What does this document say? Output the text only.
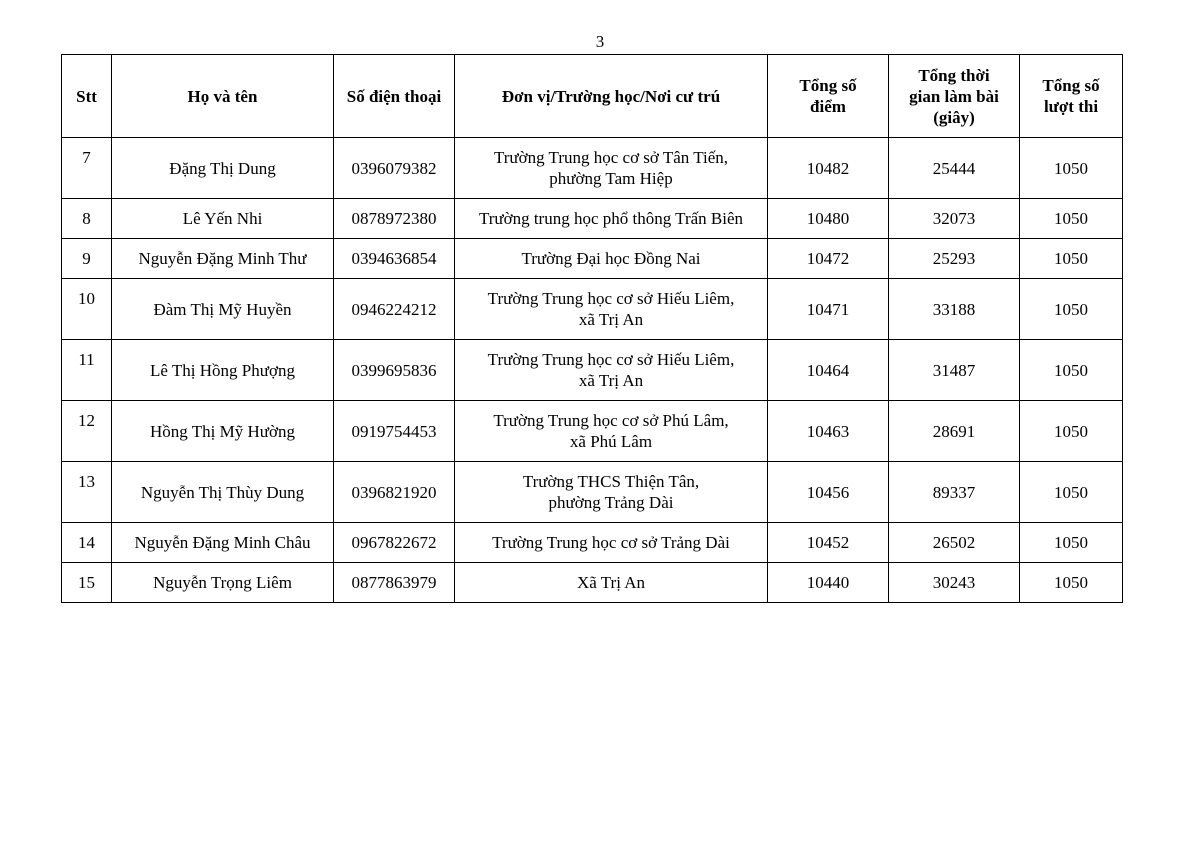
3
Stt	Họ và tên	Số điện thoại	Đơn vị/Trường học/Nơi cư trú	Tổng số
điểm	Tổng thời
gian làm bài
(giây)	Tổng số
lượt thi
7	Đặng Thị Dung	0396079382	Trường Trung học cơ sở Tân Tiến,
phường Tam Hiệp	10482	25444	1050
8	Lê Yến Nhi	0878972380	Trường trung học phổ thông Trấn Biên	10480	32073	1050
9	Nguyễn Đặng Minh Thư	0394636854	Trường Đại học Đồng Nai	10472	25293	1050
10	Đàm Thị Mỹ Huyền	0946224212	Trường Trung học cơ sở Hiếu Liêm,
xã Trị An	10471	33188	1050
11	Lê Thị Hồng Phượng	0399695836	Trường Trung học cơ sở Hiếu Liêm,
xã Trị An	10464	31487	1050
12	Hồng Thị Mỹ Hường	0919754453	Trường Trung học cơ sở Phú Lâm,
xã Phú Lâm	10463	28691	1050
13	Nguyễn Thị Thùy Dung	0396821920	Trường THCS Thiện Tân,
phường Trảng Dài	10456	89337	1050
14	Nguyễn Đặng Minh Châu	0967822672	Trường Trung học cơ sở Trảng Dài	10452	26502	1050
15	Nguyễn Trọng Liêm	0877863979	Xã Trị An	10440	30243	1050
